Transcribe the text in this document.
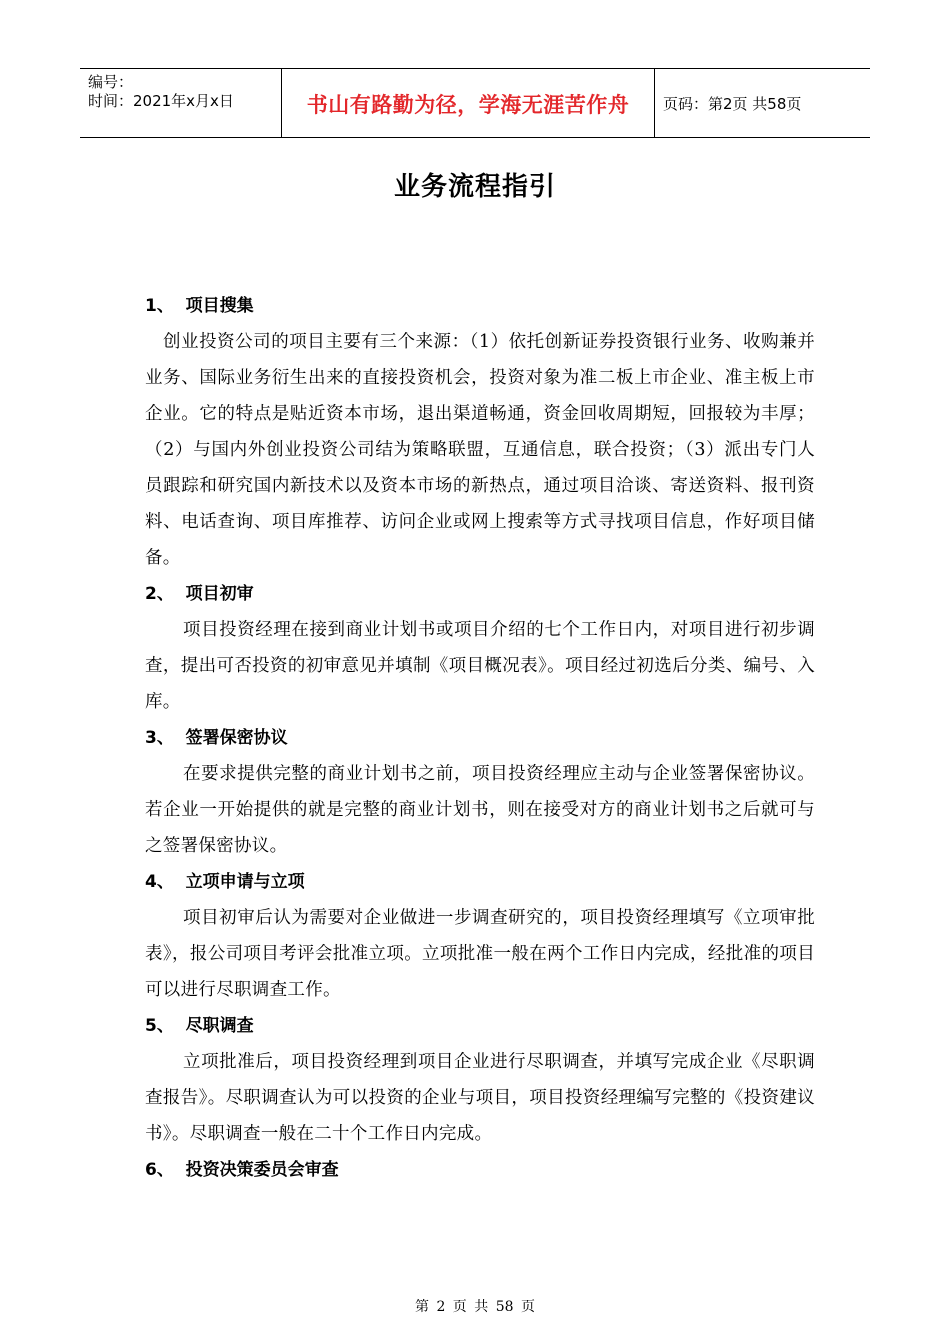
编号：
时间：2021年x月x日	书山有路勤为径，学海无涯苦作舟 页码：第2页 共58页
业务流程指引
1、  项目搜集
创业投资公司的项目主要有三个来源：（1）依托创新证券投资银行业务、收购兼并业务、国际业务衍生出来的直接投资机会，投资对象为准二板上市企业、准主板上市企业。它的特点是贴近资本市场，退出渠道畅通，资金回收周期短，回报较为丰厚；（2）与国内外创业投资公司结为策略联盟，互通信息，联合投资；（3）派出专门人员跟踪和研究国内新技术以及资本市场的新热点，通过项目洽谈、寄送资料、报刊资料、电话查询、项目库推荐、访问企业或网上搜索等方式寻找项目信息，作好项目储备。
2、  项目初审
项目投资经理在接到商业计划书或项目介绍的七个工作日内，对项目进行初步调查，提出可否投资的初审意见并填制《项目概况表》。项目经过初选后分类、编号、入库。
3、  签署保密协议
在要求提供完整的商业计划书之前，项目投资经理应主动与企业签署保密协议。若企业一开始提供的就是完整的商业计划书，则在接受对方的商业计划书之后就可与之签署保密协议。
4、  立项申请与立项
项目初审后认为需要对企业做进一步调查研究的，项目投资经理填写《立项审批表》，报公司项目考评会批准立项。立项批准一般在两个工作日内完成，经批准的项目可以进行尽职调查工作。
5、  尽职调查
立项批准后，项目投资经理到项目企业进行尽职调查，并填写完成企业《尽职调查报告》。尽职调查认为可以投资的企业与项目，项目投资经理编写完整的《投资建议书》。尽职调查一般在二十个工作日内完成。
6、  投资决策委员会审查
第 2 页 共 58 页
